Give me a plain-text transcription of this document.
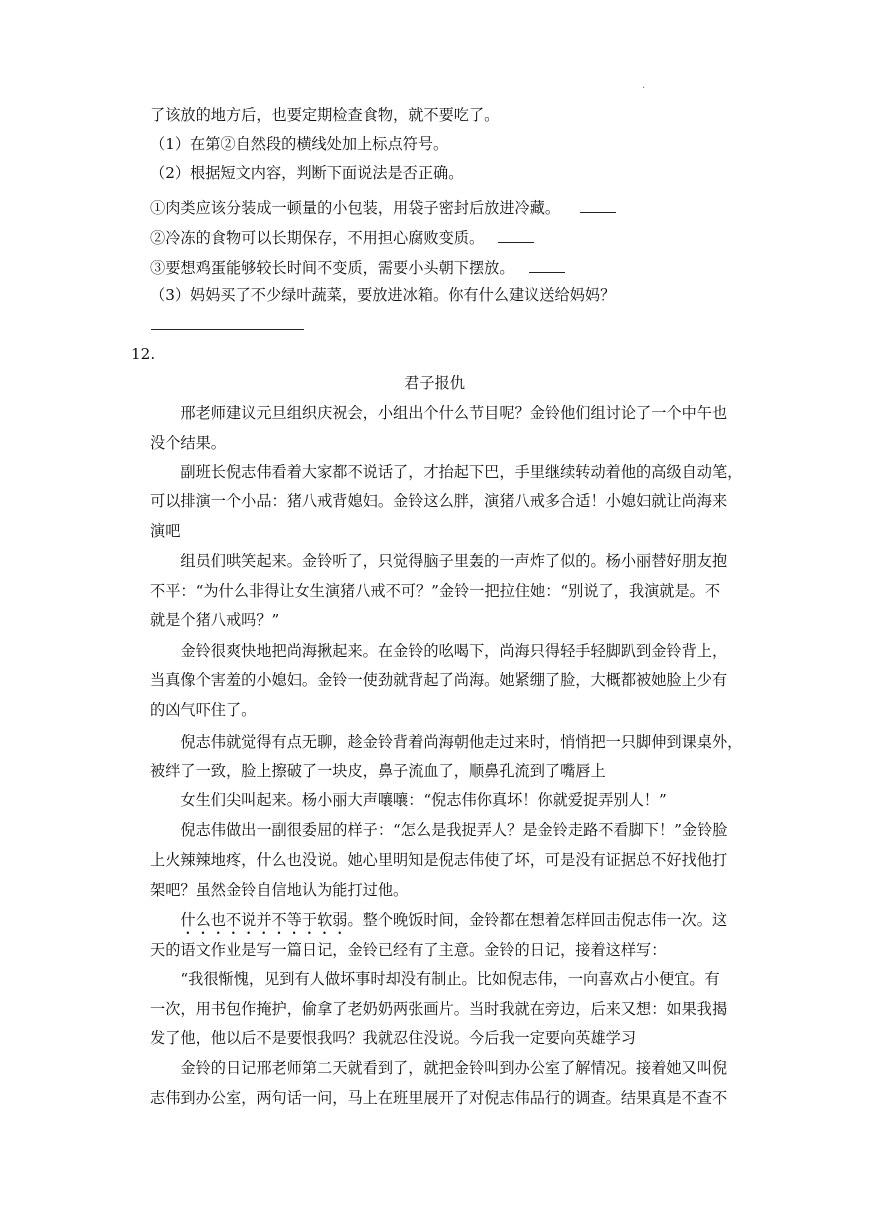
.
了该放的地方后，也要定期检查食物，就不要吃了。
（1）在第②自然段的横线处加上标点符号。
（2）根据短文内容，判断下面说法是否正确。
①肉类应该分装成一顿量的小包装，用袋子密封后放进冷藏。
②冷冻的食物可以长期保存，不用担心腐败变质。
③要想鸡蛋能够较长时间不变质，需要小头朝下摆放。
（3）妈妈买了不少绿叶蔬菜，要放进冰箱。你有什么建议送给妈妈？
12.
君子报仇
　　邢老师建议元旦组织庆祝会，小组出个什么节目呢？金铃他们组讨论了一个中午也
没个结果。
　　副班长倪志伟看着大家都不说话了，才抬起下巴，手里继续转动着他的高级自动笔，
可以排演一个小品：猪八戒背媳妇。金铃这么胖，演猪八戒多合适！小媳妇就让尚海来
演吧
　　组员们哄笑起来。金铃听了，只觉得脑子里轰的一声炸了似的。杨小丽替好朋友抱
不平：“为什么非得让女生演猪八戒不可？”金铃一把拉住她：“别说了，我演就是。不
就是个猪八戒吗？”
　　金铃很爽快地把尚海揪起来。在金铃的吆喝下，尚海只得轻手轻脚趴到金铃背上，
当真像个害羞的小媳妇。金铃一使劲就背起了尚海。她紧绷了脸，大概都被她脸上少有
的凶气吓住了。
　　倪志伟就觉得有点无聊，趁金铃背着尚海朝他走过来时，悄悄把一只脚伸到课桌外，
被绊了一致，脸上擦破了一块皮，鼻子流血了，顺鼻孔流到了嘴唇上
　　女生们尖叫起来。杨小丽大声嚷嚷：“倪志伟你真坏！你就爱捉弄别人！”
　　倪志伟做出一副很委屈的样子：“怎么是我捉弄人？是金铃走路不看脚下！”金铃脸
上火辣辣地疼，什么也没说。她心里明知是倪志伟使了坏，可是没有证据总不好找他打
架吧？虽然金铃自信地认为能打过他。
　　什么也不说并不等于软弱。整个晚饭时间，金铃都在想着怎样回击倪志伟一次。这
天的语文作业是写一篇日记，金铃已经有了主意。金铃的日记，接着这样写：
　　“我很惭愧，见到有人做坏事时却没有制止。比如倪志伟，一向喜欢占小便宜。有
一次，用书包作掩护，偷拿了老奶奶两张画片。当时我就在旁边，后来又想：如果我揭
发了他，他以后不是要恨我吗？我就忍住没说。今后我一定要向英雄学习
　　金铃的日记邢老师第二天就看到了，就把金铃叫到办公室了解情况。接着她又叫倪
志伟到办公室，两句话一问，马上在班里展开了对倪志伟品行的调查。结果真是不查不
